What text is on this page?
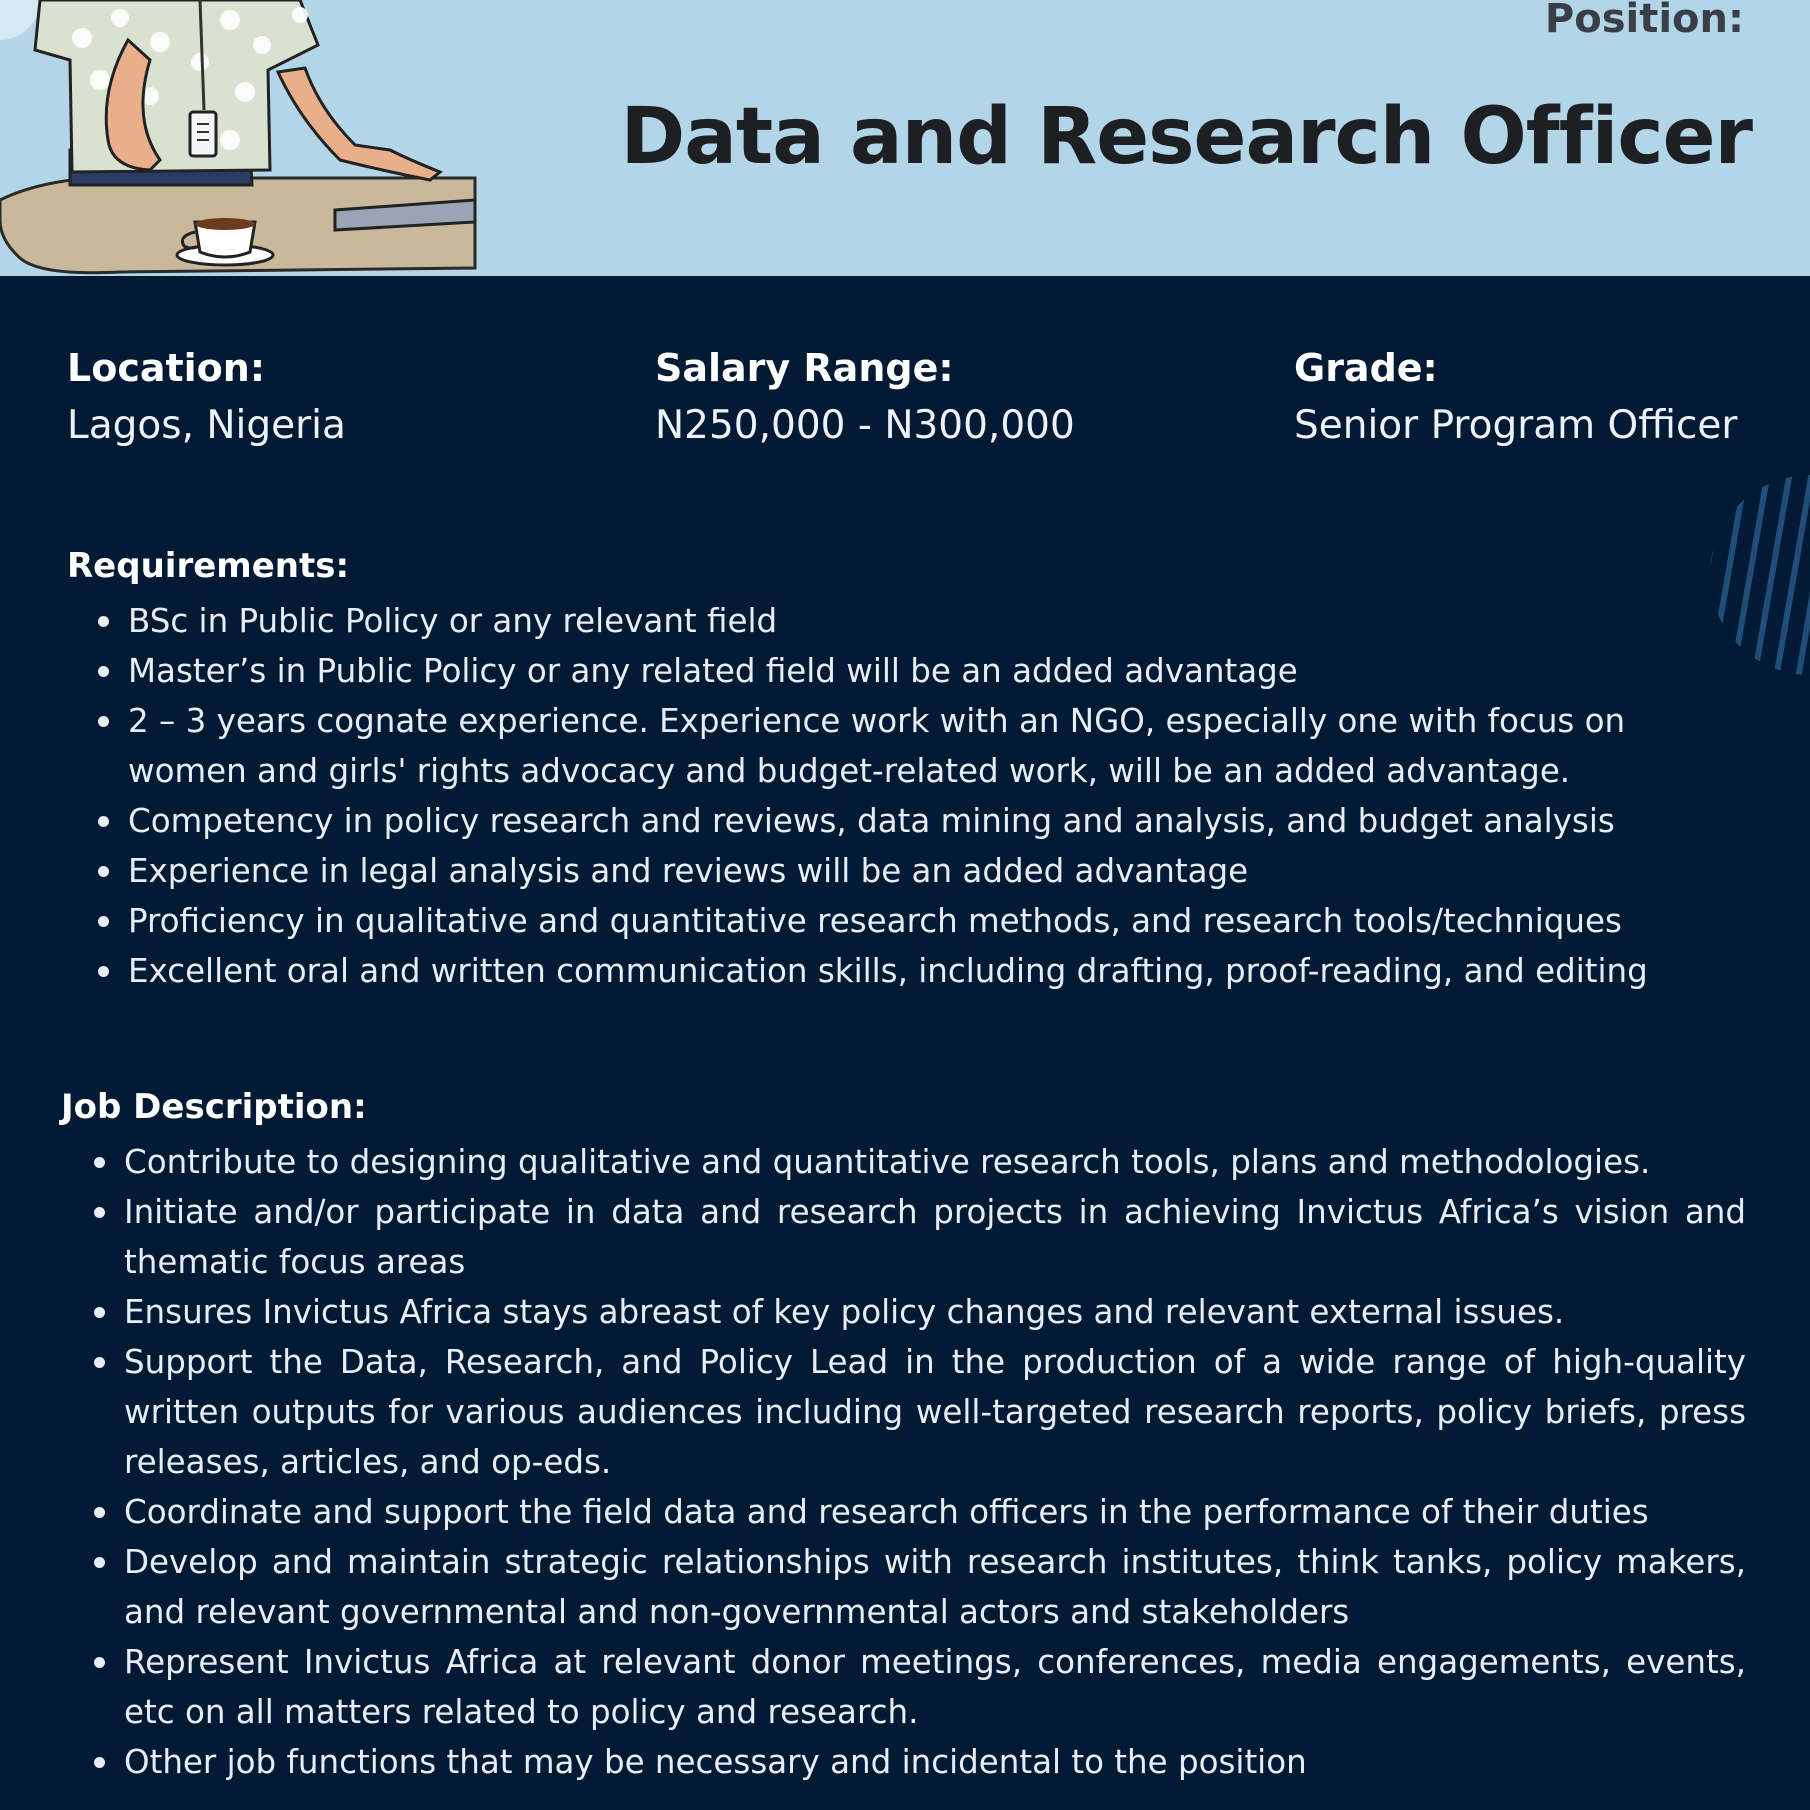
Position:
Data and Research Officer
Location:
Lagos, Nigeria
Salary Range:
N250,000 - N300,000
Grade:
Senior Program Officer
Requirements:
BSc in Public Policy or any relevant field
Master’s in Public Policy or any related field will be an added advantage
2 – 3 years cognate experience. Experience work with an NGO, especially one with focus on women and girls' rights advocacy and budget-related work, will be an added advantage.
Competency in policy research and reviews, data mining and analysis, and budget analysis
Experience in legal analysis and reviews will be an added advantage
Proficiency in qualitative and quantitative research methods, and research tools/techniques
Excellent oral and written communication skills, including drafting, proof-reading, and editing
Job Description:
Contribute to designing qualitative and quantitative research tools, plans and methodologies.
Initiate and/or participate in data and research projects in achieving Invictus Africa’s vision and thematic focus areas
Ensures Invictus Africa stays abreast of key policy changes and relevant external issues.
Support the Data, Research, and Policy Lead in the production of a wide range of high-quality written outputs for various audiences including well-targeted research reports, policy briefs, press releases, articles, and op-eds.
Coordinate and support the field data and research officers in the performance of their duties
Develop and maintain strategic relationships with research institutes, think tanks, policy makers, and relevant governmental and non-governmental actors and stakeholders
Represent Invictus Africa at relevant donor meetings, conferences, media engagements, events, etc on all matters related to policy and research.
Other job functions that may be necessary and incidental to the position
